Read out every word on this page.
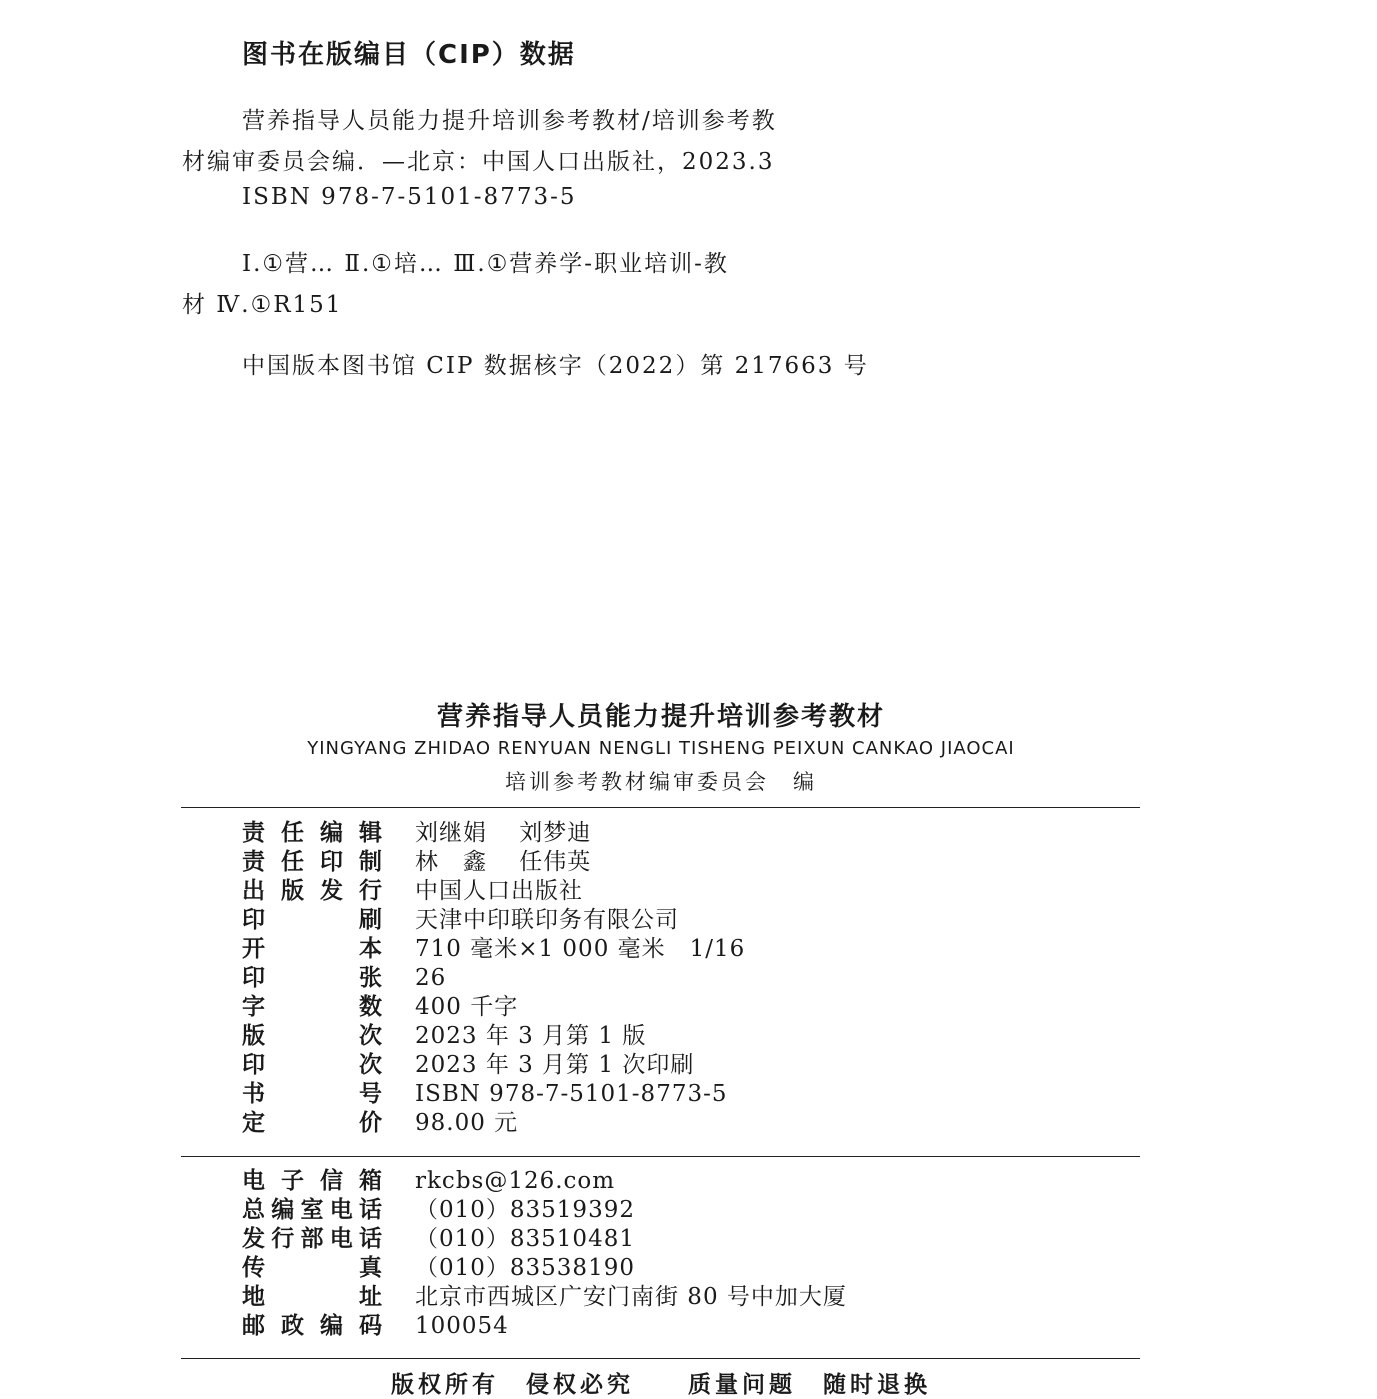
图书在版编目（CIP）数据
营养指导人员能力提升培训参考教材/培训参考教
材编审委员会编．—北京：中国人口出版社，2023.3
ISBN 978-7-5101-8773-5
Ⅰ.①营… Ⅱ.①培… Ⅲ.①营养学-职业培训-教
材 Ⅳ.①R151
中国版本图书馆 CIP 数据核字（2022）第 217663 号
营养指导人员能力提升培训参考教材
YINGYANG ZHIDAO RENYUAN NENGLI TISHENG PEIXUN CANKAO JIAOCAI
培训参考教材编审委员会　编
责任编辑 刘继娟　 刘梦迪
责任印制 林　鑫　 任伟英
出版发行 中国人口出版社
印刷 天津中印联印务有限公司
开本 710 毫米×1 000 毫米　1/16
印张 26
字数 400 千字
版次 2023 年 3 月第 1 版
印次 2023 年 3 月第 1 次印刷
书号 ISBN 978-7-5101-8773-5
定价 98.00 元
电子信箱 rkcbs@126.com
总编室电话 （010）83519392
发行部电话 （010）83510481
传真 （010）83538190
地址 北京市西城区广安门南街 80 号中加大厦
邮政编码 100054
版权所有　侵权必究　　质量问题　随时退换
